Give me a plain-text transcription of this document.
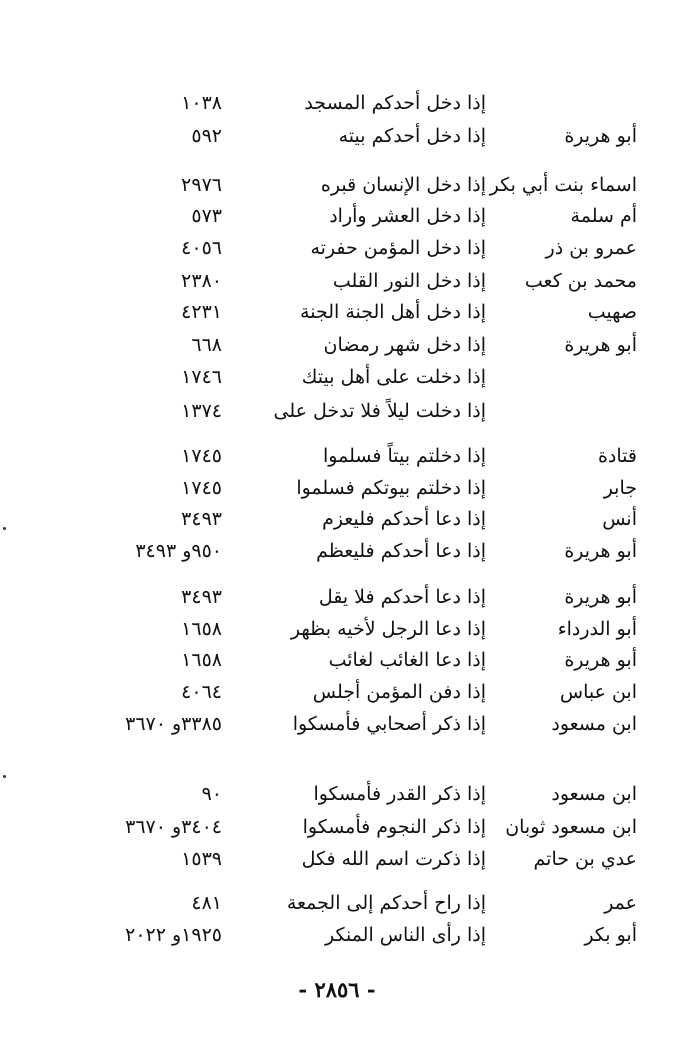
إذا دخل أحدكم المسجد
١٠٣٨
أبو هريرة
إذا دخل أحدكم بيته
٥٩٢
اسماء بنت أبي بكر
إذا دخل الإنسان قبره
٢٩٧٦
أم سلمة
إذا دخل العشر وأراد
٥٧٣
عمرو بن ذر
إذا دخل المؤمن حفرته
٤٠٥٦
محمد بن كعب
إذا دخل النور القلب
٢٣٨٠
صهيب
إذا دخل أهل الجنة الجنة
٤٢٣١
أبو هريرة
إذا دخل شهر رمضان
٦٦٨
إذا دخلت على أهل بيتك
١٧٤٦
إذا دخلت ليلاً فلا تدخل على
١٣٧٤
قتادة
إذا دخلتم بيتاً فسلموا
١٧٤٥
جابر
إذا دخلتم بيوتكم فسلموا
١٧٤٥
أنس
إذا دعا أحدكم فليعزم
٣٤٩٣
أبو هريرة
إذا دعا أحدكم فليعظم
٩٥٠و ٣٤٩٣
أبو هريرة
إذا دعا أحدكم فلا يقل
٣٤٩٣
أبو الدرداء
إذا دعا الرجل لأخيه بظهر
١٦٥٨
أبو هريرة
إذا دعا الغائب لغائب
١٦٥٨
ابن عباس
إذا دفن المؤمن أجلس
٤٠٦٤
ابن مسعود
إذا ذكر أصحابي فأمسكوا
٣٣٨٥و ٣٦٧٠
ابن مسعود
إذا ذكر القدر فأمسكوا
٩٠
ابن مسعود ثوبان
إذا ذكر النجوم فأمسكوا
٣٤٠٤و ٣٦٧٠
عدي بن حاتم
إذا ذكرت اسم الله فكل
١٥٣٩
عمر
إذا راح أحدكم إلى الجمعة
٤٨١
أبو بكر
إذا رأى الناس المنكر
١٩٢٥و ٢٠٢٢
- ٢٨٥٦ -
